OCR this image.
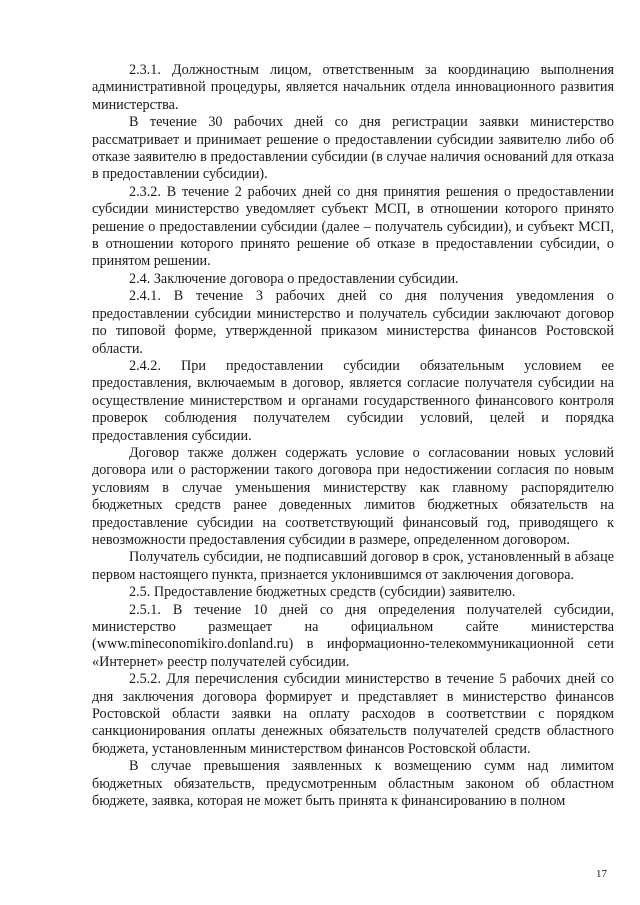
2.3.1. Должностным лицом, ответственным за координацию выполнения административной процедуры, является начальник отдела инновационного развития министерства.

В течение 30 рабочих дней со дня регистрации заявки министерство рассматривает и принимает решение о предоставлении субсидии заявителю либо об отказе заявителю в предоставлении субсидии (в случае наличия оснований для отказа в предоставлении субсидии).

2.3.2. В течение 2 рабочих дней со дня принятия решения о предоставлении субсидии министерство уведомляет субъект МСП, в отношении которого принято решение о предоставлении субсидии (далее – получатель субсидии), и субъект МСП, в отношении которого принято решение об отказе в предоставлении субсидии, о принятом решении.

2.4. Заключение договора о предоставлении субсидии.

2.4.1. В течение 3 рабочих дней со дня получения уведомления о предоставлении субсидии министерство и получатель субсидии заключают договор по типовой форме, утвержденной приказом министерства финансов Ростовской области.

2.4.2. При предоставлении субсидии обязательным условием ее предоставления, включаемым в договор, является согласие получателя субсидии на осуществление министерством и органами государственного финансового контроля проверок соблюдения получателем субсидии условий, целей и порядка предоставления субсидии.

Договор также должен содержать условие о согласовании новых условий договора или о расторжении такого договора при недостижении согласия по новым условиям в случае уменьшения министерству как главному распорядителю бюджетных средств ранее доведенных лимитов бюджетных обязательств на предоставление субсидии на соответствующий финансовый год, приводящего к невозможности предоставления субсидии в размере, определенном договором.

Получатель субсидии, не подписавший договор в срок, установленный в абзаце первом настоящего пункта, признается уклонившимся от заключения договора.

2.5. Предоставление бюджетных средств (субсидии) заявителю.

2.5.1. В течение 10 дней со дня определения получателей субсидии, министерство размещает на официальном сайте министерства (www.mineconomikiro.donland.ru) в информационно-телекоммуникационной сети «Интернет» реестр получателей субсидии.

2.5.2. Для перечисления субсидии министерство в течение 5 рабочих дней со дня заключения договора формирует и представляет в министерство финансов Ростовской области заявки на оплату расходов в соответствии с порядком санкционирования оплаты денежных обязательств получателей средств областного бюджета, установленным министерством финансов Ростовской области.

В случае превышения заявленных к возмещению сумм над лимитом бюджетных обязательств, предусмотренным областным законом об областном бюджете, заявка, которая не может быть принята к финансированию в полном

17
